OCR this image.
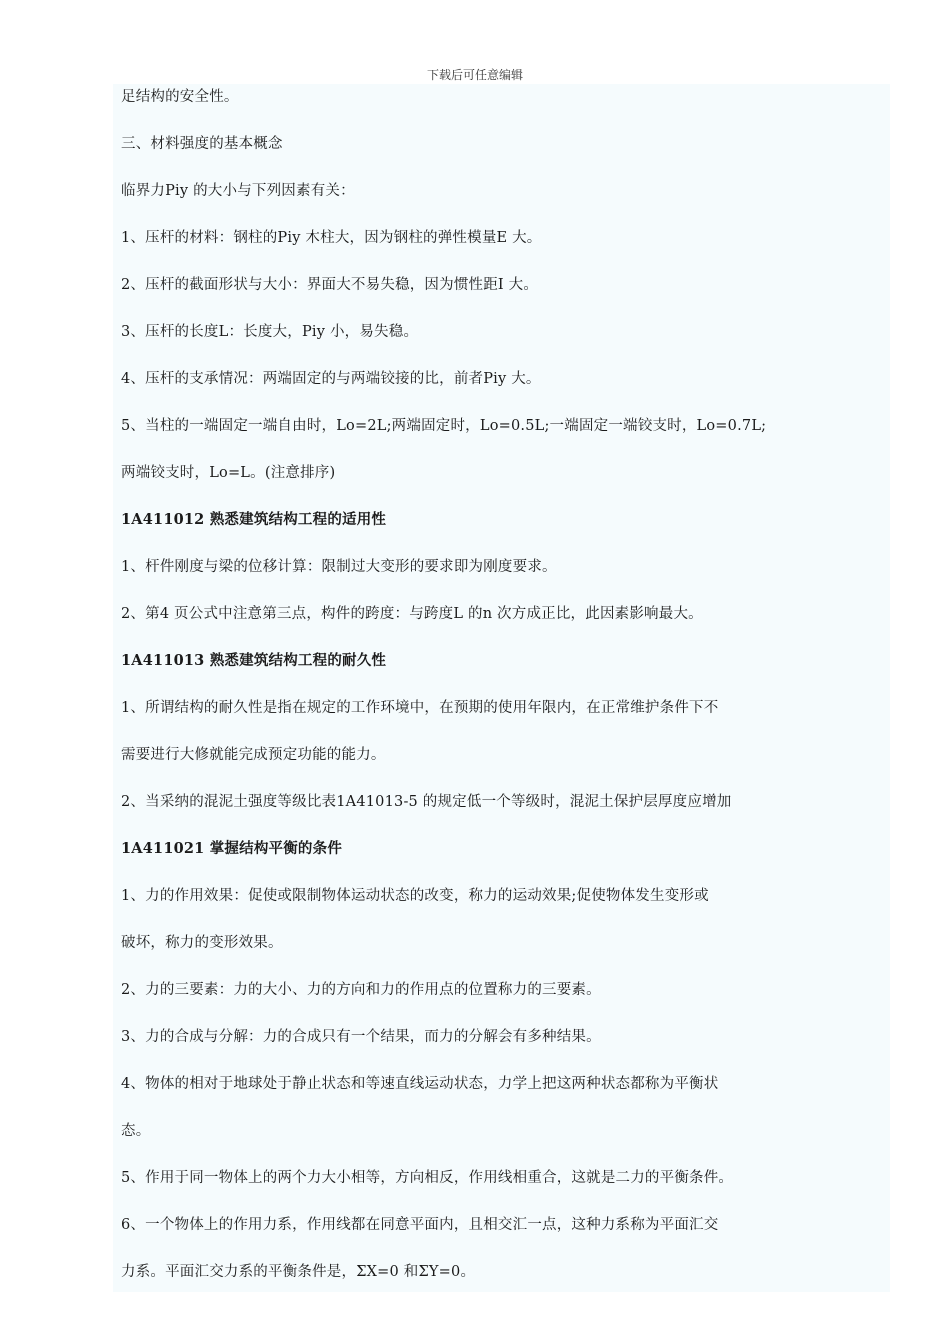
下载后可任意编辑
足结构的安全性。
三、材料强度的基本概念
临界力Piy 的大小与下列因素有关：
1、压杆的材料：钢柱的Piy 木柱大，因为钢柱的弹性模量E 大。
2、压杆的截面形状与大小：界面大不易失稳，因为惯性距I 大。
3、压杆的长度L：长度大，Piy 小，易失稳。
4、压杆的支承情况：两端固定的与两端铰接的比，前者Piy 大。
5、当柱的一端固定一端自由时，Lo=2L;两端固定时，Lo=0.5L;一端固定一端铰支时，Lo=0.7L;
两端铰支时，Lo=L。(注意排序)
1A411012 熟悉建筑结构工程的适用性
1、杆件刚度与梁的位移计算：限制过大变形的要求即为刚度要求。
2、第4 页公式中注意第三点，构件的跨度：与跨度L 的n 次方成正比，此因素影响最大。
1A411013 熟悉建筑结构工程的耐久性
1、所谓结构的耐久性是指在规定的工作环境中，在预期的使用年限内，在正常维护条件下不
需要进行大修就能完成预定功能的能力。
2、当采纳的混泥土强度等级比表1A41013-5 的规定低一个等级时，混泥土保护层厚度应增加
1A411021 掌握结构平衡的条件
1、力的作用效果：促使或限制物体运动状态的改变，称力的运动效果;促使物体发生变形或
破坏，称力的变形效果。
2、力的三要素：力的大小、力的方向和力的作用点的位置称力的三要素。
3、力的合成与分解：力的合成只有一个结果，而力的分解会有多种结果。
4、物体的相对于地球处于静止状态和等速直线运动状态，力学上把这两种状态都称为平衡状
态。
5、作用于同一物体上的两个力大小相等，方向相反，作用线相重合，这就是二力的平衡条件。
6、一个物体上的作用力系，作用线都在同意平面内，且相交汇一点，这种力系称为平面汇交
力系。平面汇交力系的平衡条件是，ΣX=0 和ΣY=0。
